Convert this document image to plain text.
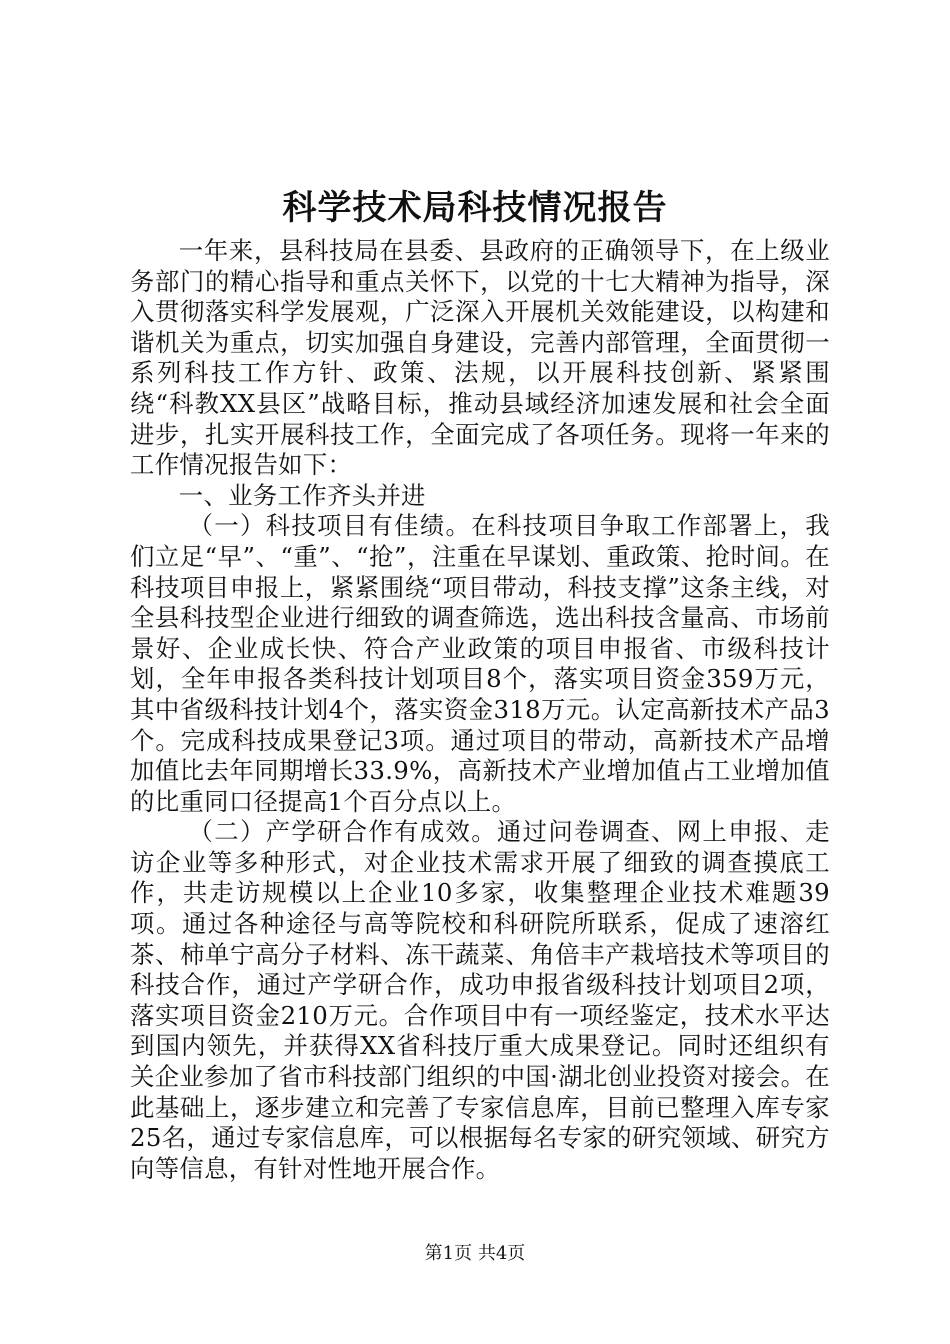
科学技术局科技情况报告

一年来，县科技局在县委、县政府的正确领导下，在上级业务部门的精心指导和重点关怀下，以党的十七大精神为指导，深入贯彻落实科学发展观，广泛深入开展机关效能建设，以构建和谐机关为重点，切实加强自身建设，完善内部管理，全面贯彻一系列科技工作方针、政策、法规，以开展科技创新、紧紧围绕“科教XX县区”战略目标，推动县域经济加速发展和社会全面进步，扎实开展科技工作，全面完成了各项任务。现将一年来的工作情况报告如下：

一、业务工作齐头并进

（一）科技项目有佳绩。在科技项目争取工作部署上，我们立足“早”、“重”、“抢”，注重在早谋划、重政策、抢时间。在科技项目申报上，紧紧围绕“项目带动，科技支撑”这条主线，对全县科技型企业进行细致的调查筛选，选出科技含量高、市场前景好、企业成长快、符合产业政策的项目申报省、市级科技计划，全年申报各类科技计划项目8个，落实项目资金359万元，其中省级科技计划4个，落实资金318万元。认定高新技术产品3个。完成科技成果登记3项。通过项目的带动，高新技术产品增加值比去年同期增长33.9%，高新技术产业增加值占工业增加值的比重同口径提高1个百分点以上。

（二）产学研合作有成效。通过问卷调查、网上申报、走访企业等多种形式，对企业技术需求开展了细致的调查摸底工作，共走访规模以上企业10多家，收集整理企业技术难题39项。通过各种途径与高等院校和科研院所联系，促成了速溶红茶、柿单宁高分子材料、冻干蔬菜、角倍丰产栽培技术等项目的科技合作，通过产学研合作，成功申报省级科技计划项目2项，落实项目资金210万元。合作项目中有一项经鉴定，技术水平达到国内领先，并获得XX省科技厅重大成果登记。同时还组织有关企业参加了省市科技部门组织的中国·湖北创业投资对接会。在此基础上，逐步建立和完善了专家信息库，目前已整理入库专家25名，通过专家信息库，可以根据每名专家的研究领域、研究方向等信息，有针对性地开展合作。

第1页 共4页
